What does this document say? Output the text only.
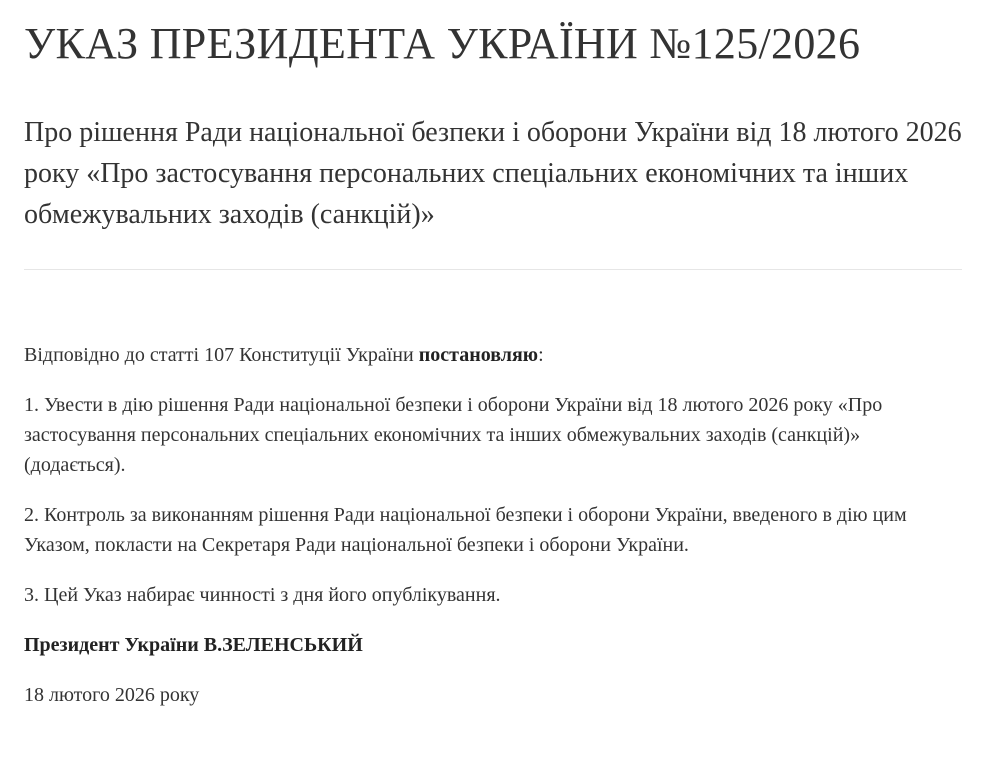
УКАЗ ПРЕЗИДЕНТА УКРАЇНИ №125/2026
Про рішення Ради національної безпеки і оборони України від 18 лютого 2026 року «Про застосування персональних спеціальних економічних та інших обмежувальних заходів (санкцій)»

Відповідно до статті 107 Конституції України постановляю:

1. Увести в дію рішення Ради національної безпеки і оборони України від 18 лютого 2026 року «Про застосування персональних спеціальних економічних та інших обмежувальних заходів (санкцій)» (додається).

2. Контроль за виконанням рішення Ради національної безпеки і оборони України, введеного в дію цим Указом, покласти на Секретаря Ради національної безпеки і оборони України.

3. Цей Указ набирає чинності з дня його опублікування.

Президент України В.ЗЕЛЕНСЬКИЙ

18 лютого 2026 року
